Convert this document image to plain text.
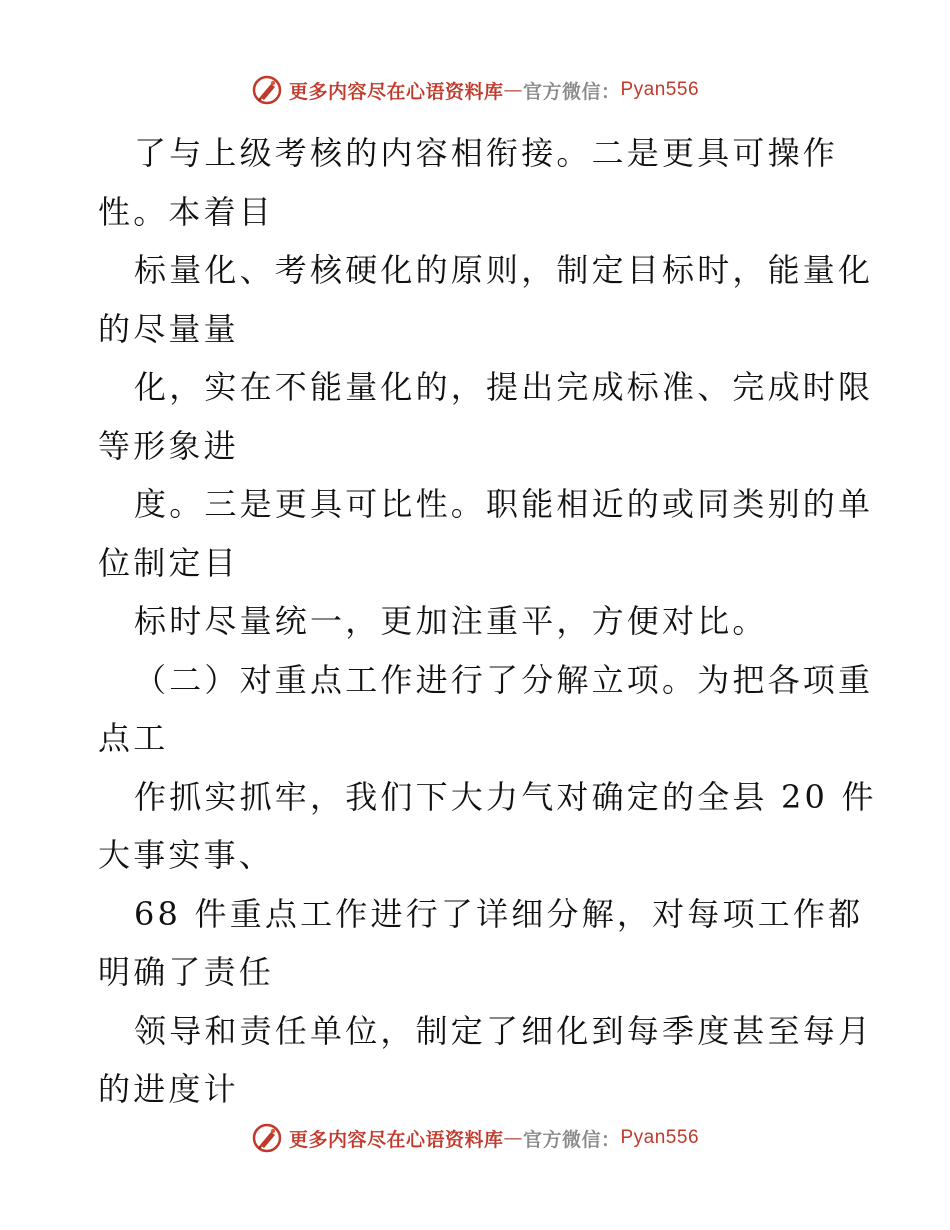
更多内容尽在心语资料库 — 官方微信： Pyan556
了与上级考核的内容相衔接。二是更具可操作
性。本着目
标量化、考核硬化的原则，制定目标时，能量化
的尽量量
化，实在不能量化的，提出完成标准、完成时限
等形象进
度。三是更具可比性。职能相近的或同类别的单
位制定目
标时尽量统一，更加注重平，方便对比。
（二）对重点工作进行了分解立项。为把各项重
点工
作抓实抓牢，我们下大力气对确定的全县 20 件
大事实事、
68 件重点工作进行了详细分解，对每项工作都
明确了责任
领导和责任单位，制定了细化到每季度甚至每月
的进度计
更多内容尽在心语资料库 — 官方微信： Pyan556
